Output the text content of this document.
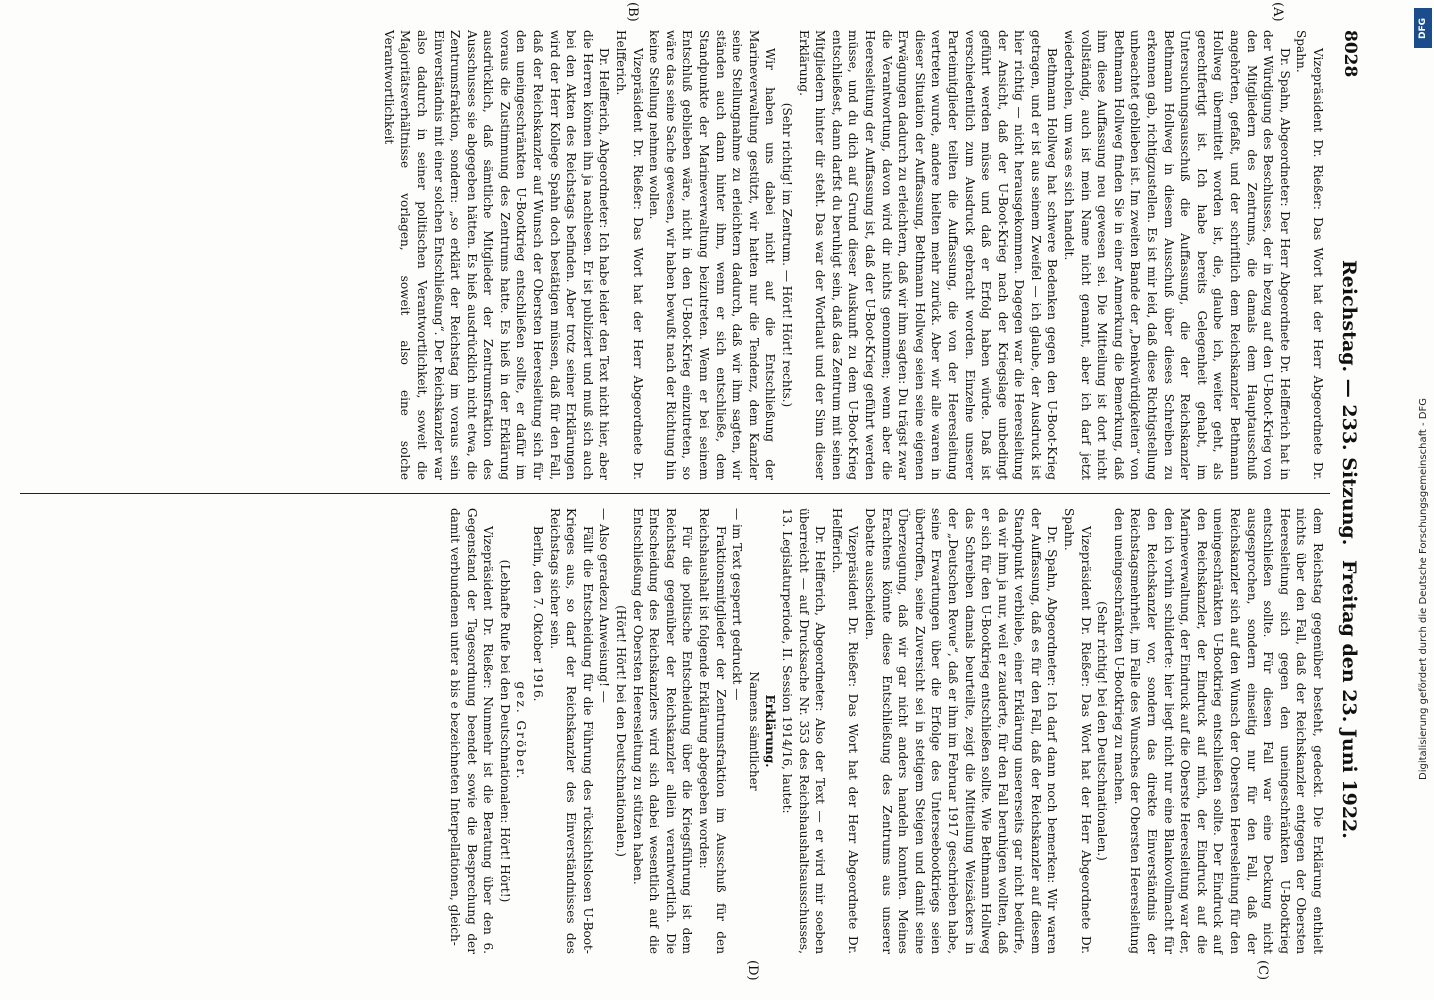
8028
Reichstag. — 233. Sitzung.
Freitag den 23. Juni 1922.
(A)
(B)
(C)
(D)

Vizepräsident Dr. Rießer: Das Wort hat der Herr Abgeordnete Dr. Spahn.

Dr. Spahn, Abgeordneter: Der Herr Abgeordnete Dr. Helfferich hat in der Würdigung des Beschlusses, der in bezug auf den U-Boot-Krieg von den Mitgliedern des Zentrums, die damals dem Hauptausschuß angehörten, gefaßt, und der schriftlich dem Reichskanzler Bethmann Hollweg übermittelt worden ist, die, glaube ich, weiter geht, als gerechtfertigt ist. Ich habe bereits Gelegenheit gehabt, im Untersuchungsausschuß die Auffassung, die der Reichskanzler Bethmann Hollweg in diesem Ausschuß über dieses Schreiben zu erkennen gab, richtigzustellen. Es ist mir leid, daß diese Richtigstellung unbeachtet geblieben ist. Im zweiten Bande der „Denkwürdigkeiten“ von Bethmann Hollweg finden Sie in einer Anmerkung die Bemerkung, daß ihm diese Auffassung neu gewesen sei. Die Mitteilung ist dort nicht vollständig, auch ist mein Name nicht genannt, aber ich darf jetzt wiederholen, um was es sich handelt.

Bethmann Hollweg hat schwere Bedenken gegen den U-Boot-Krieg getragen, und er ist aus seinem Zweifel — ich glaube, der Ausdruck ist hier richtig — nicht herausgekommen. Dagegen war die Heeresleitung der Ansicht, daß der U-Boot-Krieg nach der Kriegslage unbedingt geführt werden müsse und daß er Erfolg haben würde. Daß ist verschiedentlich zum Ausdruck gebracht worden. Einzelne unserer Parteimitglieder teilten die Auffassung, die von der Heeresleitung vertreten wurde, andere hielten mehr zurück. Aber wir alle waren in dieser Situation der Auffassung, Bethmann Hollweg seien seine eigenen Erwägungen dadurch zu erleichtern, daß wir ihm sagten: Du trägst zwar die Verantwortung, davon wird dir nichts genommen; wenn aber die Heeresleitung der Auffassung ist, daß der U-Boot-Krieg geführt werden müsse, und du dich auf Grund dieser Auskunft zu dem U-Boot-Krieg entschließest, dann darfst du beruhigt sein, daß das Zentrum mit seinen Mitgliedern hinter dir steht. Das war der Wortlaut und der Sinn dieser Erklärung.

(Sehr richtig! im Zentrum. — Hört! Hört! rechts.)

Wir haben uns dabei nicht auf die Entschließung der Marineverwaltung gestützt, wir hatten nur die Tendenz, dem Kanzler seine Stellungnahme zu erleichtern dadurch, daß wir ihm sagten, wir ständen auch dann hinter ihm, wenn er sich entschließe, dem Standpunkte der Marineverwaltung beizutreten. Wenn er bei seinem Entschluß geblieben wäre, nicht in den U-Boot-Krieg einzutreten, so wäre das seine Sache gewesen, wir haben bewußt nach der Richtung hin keine Stellung nehmen wollen.

Vizepräsident Dr. Rießer: Das Wort hat der Herr Abgeordnete Dr. Helfferich.

Dr. Helfferich, Abgeordneter: Ich habe leider den Text nicht hier, aber die Herren können ihn ja nachlesen. Er ist publiziert und muß sich auch bei den Akten des Reichstags befinden. Aber trotz seiner Erklärungen wird der Herr Kollege Spahn doch bestätigen müssen, daß für den Fall, daß der Reichskanzler auf Wunsch der Obersten Heeresleitung sich für den uneingeschränkten U-Bootkrieg entschließen sollte, er dafür im voraus die Zustimmung des Zentrums hatte. Es hieß in der Erklärung ausdrücklich, daß sämtliche Mitglieder der Zentrumsfraktion des Ausschusses sie abgegeben hätten. Es hieß ausdrücklich nicht etwa, die Zentrumsfraktion, sondern: „so erklärt der Reichstag im voraus sein Einverständnis mit einer solchen Entschließung“. Der Reichskanzler war also dadurch in seiner politischen Verantwortlichkeit, soweit die Majoritätsverhältnisse vorlagen, soweit also eine solche Verantwortlichkeit

dem Reichstag gegenüber besteht, gedeckt. Die Erklärung enthielt nichts über den Fall, daß der Reichskanzler entgegen der Obersten Heeresleitung sich gegen den uneingeschränkten U-Bootkrieg entschließen sollte. Für diesen Fall war eine Deckung nicht ausgesprochen, sondern einseitig nur für den Fall, daß der Reichskanzler sich auf den Wunsch der Obersten Heeresleitung für den uneingeschränkten U-Bootkrieg entschließen sollte. Der Eindruck auf den Reichskanzler, der Eindruck auf mich, der Eindruck auf die Marineverwaltung, der Eindruck auf die Oberste Heeresleitung war der, den ich vorhin schilderte: hier liegt nicht nur eine Blankovollmacht für den Reichskanzler vor, sondern das direkte Einverständnis der Reichstagsmehrheit, im Falle des Wunsches der Obersten Heeresleitung den uneingeschränkten U-Bootkrieg zu machen.

(Sehr richtig! bei den Deutschnationalen.)

Vizepräsident Dr. Rießer: Das Wort hat der Herr Abgeordnete Dr. Spahn.

Dr. Spahn, Abgeordneter: Ich darf dann noch bemerken: Wir waren der Auffassung, daß es für den Fall, daß der Reichskanzler auf diesem Standpunkt verbliebe, einer Erklärung unsererseits gar nicht bedürfe, da wir ihm ja nur, weil er zauderte, für den Fall beruhigen wollten, daß er sich für den U-Bootkrieg entschließen sollte. Wie Bethmann Hollweg das Schreiben damals beurteilte, zeigt die Mitteilung Weizsäckers in der „Deutschen Revue“, daß er ihm im Februar 1917 geschrieben habe, seine Erwartungen über die Erfolge des Unterseebootkriegs seien übertroffen, seine Zuversicht sei in stetigem Steigen und damit seine Überzeugung, daß wir gar nicht anders handeln konnten. Meines Erachtens könnte diese Entschließung des Zentrums aus unserer Debatte ausscheiden.

Vizepräsident Dr. Rießer: Das Wort hat der Herr Abgeordnete Dr. Helfferich.

Dr. Helfferich, Abgeordneter: Also der Text — er wird mir soeben überreicht — auf Drucksache Nr. 353 des Reichshaushaltsausschusses, 13. Legislaturperiode, II. Session 1914/16, lautet:

Erklärung.

Namens sämtlicher

— im Text gesperrt gedruckt —

Fraktionsmitglieder der Zentrumsfraktion im Ausschuß für den Reichshaushalt ist folgende Erklärung abgegeben worden:

Für die politische Entscheidung über die Kriegsführung ist dem Reichstag gegenüber der Reichskanzler allein verantwortlich. Die Entscheidung des Reichskanzlers wird sich dabei wesentlich auf die Entschließung der Obersten Heeresleitung zu stützen haben.

(Hört! Hört! bei den Deutschnationalen.)

— Also geradezu Anweisung! —

Fällt die Entscheidung für die Führung des rücksichtslosen U-Boot-Krieges aus, so darf der Reichskanzler des Einverständnisses des Reichstags sicher sein.

Berlin, den 7. Oktober 1916.

gez. Gröber.

(Lebhafte Rufe bei den Deutschnationalen: Hört! Hört!)

Vizepräsident Dr. Rießer: Nunmehr ist die Beratung über den 6. Gegenstand der Tagesordnung beendet sowie die Besprechung der damit verbundenen unter a bis e bezeichneten Interpellationen, gleich-

DFG
Digitalisierung gefördert durch die Deutsche Forschungsgemeinschaft - DFG
